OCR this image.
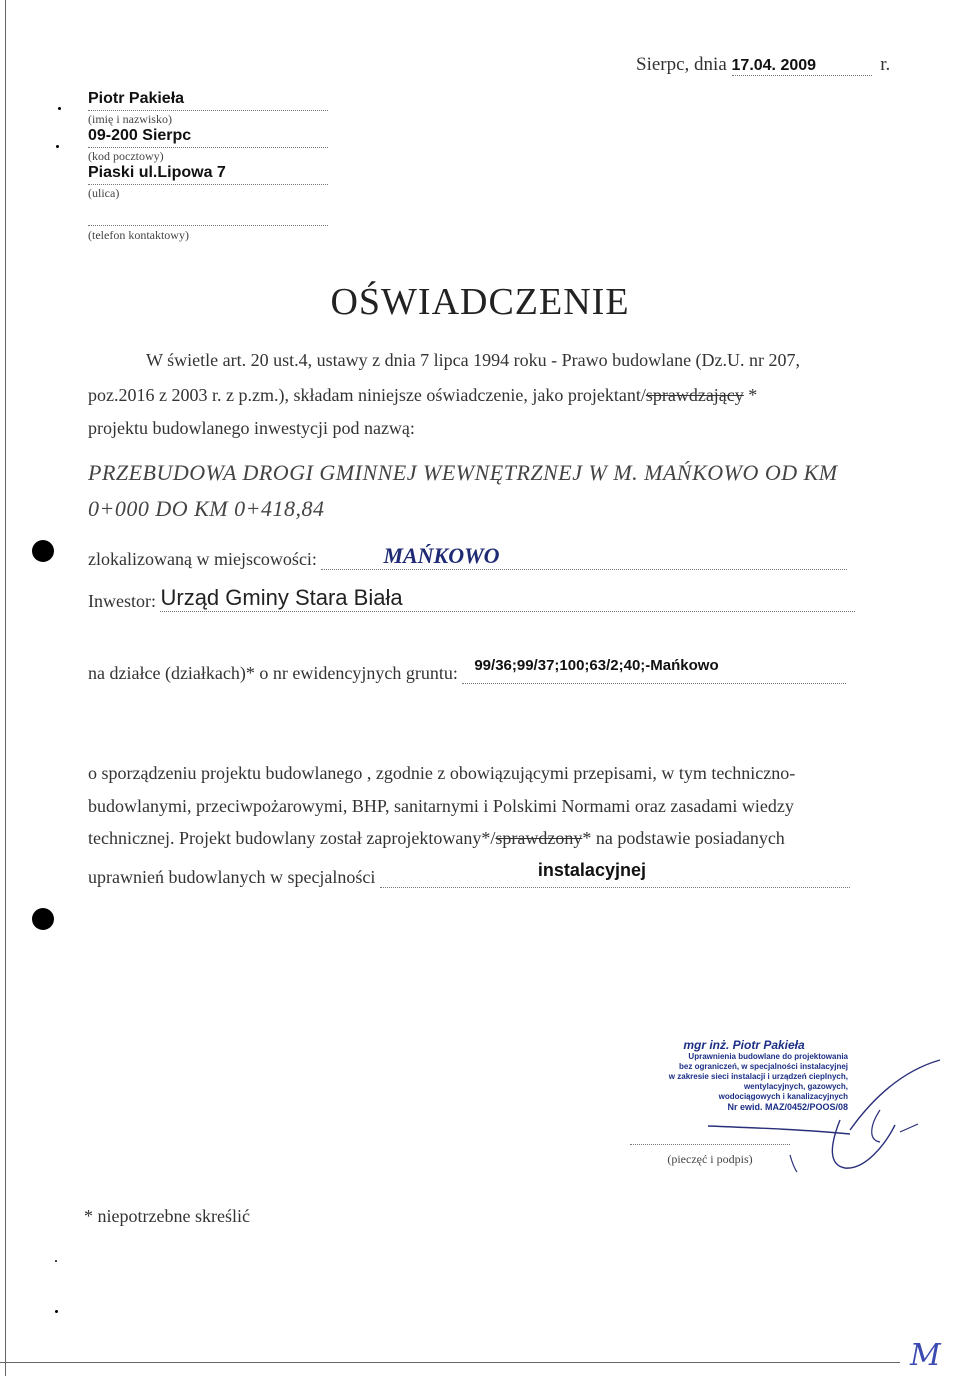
Sierpc, dnia 17.04. 2009	r.
Piotr Pakieła
(imię i nazwisko)
09-200 Sierpc
(kod pocztowy)
Piaski ul.Lipowa 7
(ulica)
(telefon kontaktowy)
OŚWIADCZENIE
W świetle art. 20 ust.4, ustawy z dnia 7 lipca 1994 roku - Prawo budowlane (Dz.U. nr 207,
poz.2016 z 2003 r. z p.zm.), składam niniejsze oświadczenie, jako projektant/sprawdzający *
projektu budowlanego inwestycji pod nazwą:
PRZEBUDOWA DROGI GMINNEJ WEWNĘTRZNEJ W M. MAŃKOWO OD KM
0+000 DO KM 0+418,84
zlokalizowaną w miejscowości:	MAŃKOWO
Inwestor: Urząd Gminy Stara Biała
na działce (działkach)* o nr ewidencyjnych gruntu: $^{99/36;99/37;100;63/2;40;-Mańkowo}$
o sporządzeniu projektu budowlanego , zgodnie z obowiązującymi przepisami, w tym techniczno-
budowlanymi, przeciwpożarowymi, BHP, sanitarnymi i Polskimi Normami oraz zasadami wiedzy
technicznej. Projekt budowlany został zaprojektowany*/sprawdzony* na podstawie posiadanych
uprawnień budowlanych w specjalności	instalacyjnej
mgr inż. Piotr Pakieła
Uprawnienia budowlane do projektowania
bez ograniczeń, w specjalności instalacyjnej
w zakresie sieci instalacji i urządzeń cieplnych,
wentylacyjnych, gazowych,
wodociągowych i kanalizacyjnych
Nr ewid. MAZ/0452/POOS/08
(pieczęć i podpis)
* niepotrzebne skreślić
M
